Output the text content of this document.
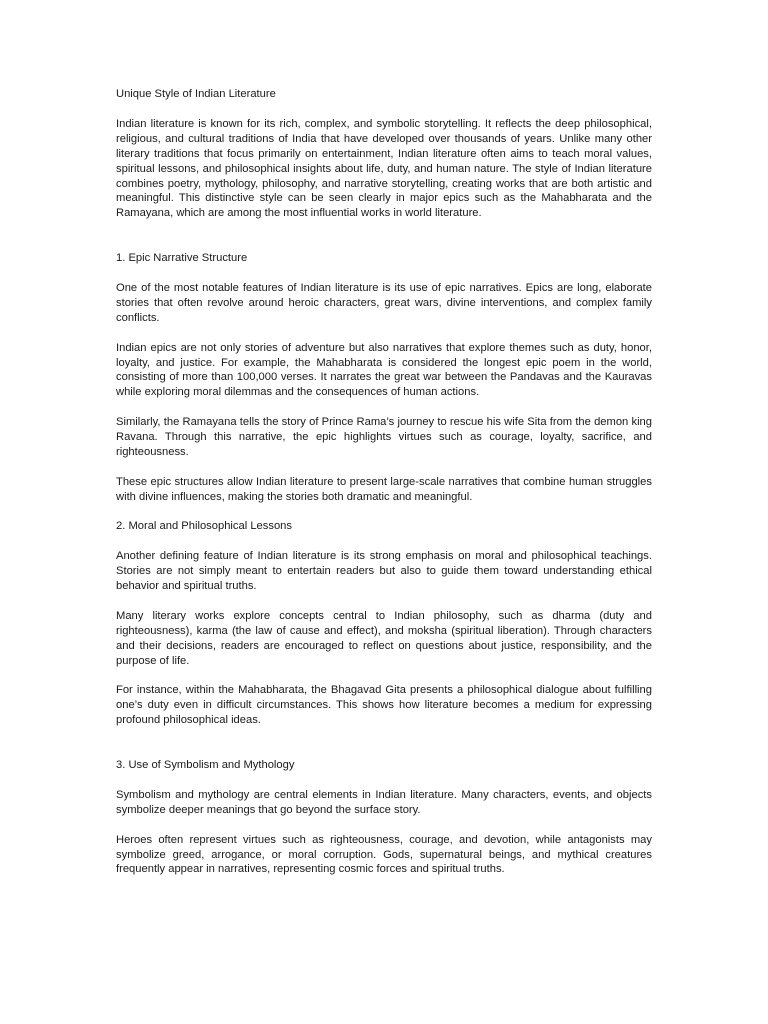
Unique Style of Indian Literature

Indian literature is known for its rich, complex, and symbolic storytelling. It reflects the deep philosophical, religious, and cultural traditions of India that have developed over thousands of years. Unlike many other literary traditions that focus primarily on entertainment, Indian literature often aims to teach moral values, spiritual lessons, and philosophical insights about life, duty, and human nature. The style of Indian literature combines poetry, mythology, philosophy, and narrative storytelling, creating works that are both artistic and meaningful. This distinctive style can be seen clearly in major epics such as the Mahabharata and the Ramayana, which are among the most influential works in world literature.

1. Epic Narrative Structure

One of the most notable features of Indian literature is its use of epic narratives. Epics are long, elaborate stories that often revolve around heroic characters, great wars, divine interventions, and complex family conflicts.

Indian epics are not only stories of adventure but also narratives that explore themes such as duty, honor, loyalty, and justice. For example, the Mahabharata is considered the longest epic poem in the world, consisting of more than 100,000 verses. It narrates the great war between the Pandavas and the Kauravas while exploring moral dilemmas and the consequences of human actions.

Similarly, the Ramayana tells the story of Prince Rama’s journey to rescue his wife Sita from the demon king Ravana. Through this narrative, the epic highlights virtues such as courage, loyalty, sacrifice, and righteousness.

These epic structures allow Indian literature to present large-scale narratives that combine human struggles with divine influences, making the stories both dramatic and meaningful.

2. Moral and Philosophical Lessons

Another defining feature of Indian literature is its strong emphasis on moral and philosophical teachings. Stories are not simply meant to entertain readers but also to guide them toward understanding ethical behavior and spiritual truths.

Many literary works explore concepts central to Indian philosophy, such as dharma (duty and righteousness), karma (the law of cause and effect), and moksha (spiritual liberation). Through characters and their decisions, readers are encouraged to reflect on questions about justice, responsibility, and the purpose of life.

For instance, within the Mahabharata, the Bhagavad Gita presents a philosophical dialogue about fulfilling one’s duty even in difficult circumstances. This shows how literature becomes a medium for expressing profound philosophical ideas.

3. Use of Symbolism and Mythology

Symbolism and mythology are central elements in Indian literature. Many characters, events, and objects symbolize deeper meanings that go beyond the surface story.

Heroes often represent virtues such as righteousness, courage, and devotion, while antagonists may symbolize greed, arrogance, or moral corruption. Gods, supernatural beings, and mythical creatures frequently appear in narratives, representing cosmic forces and spiritual truths.
